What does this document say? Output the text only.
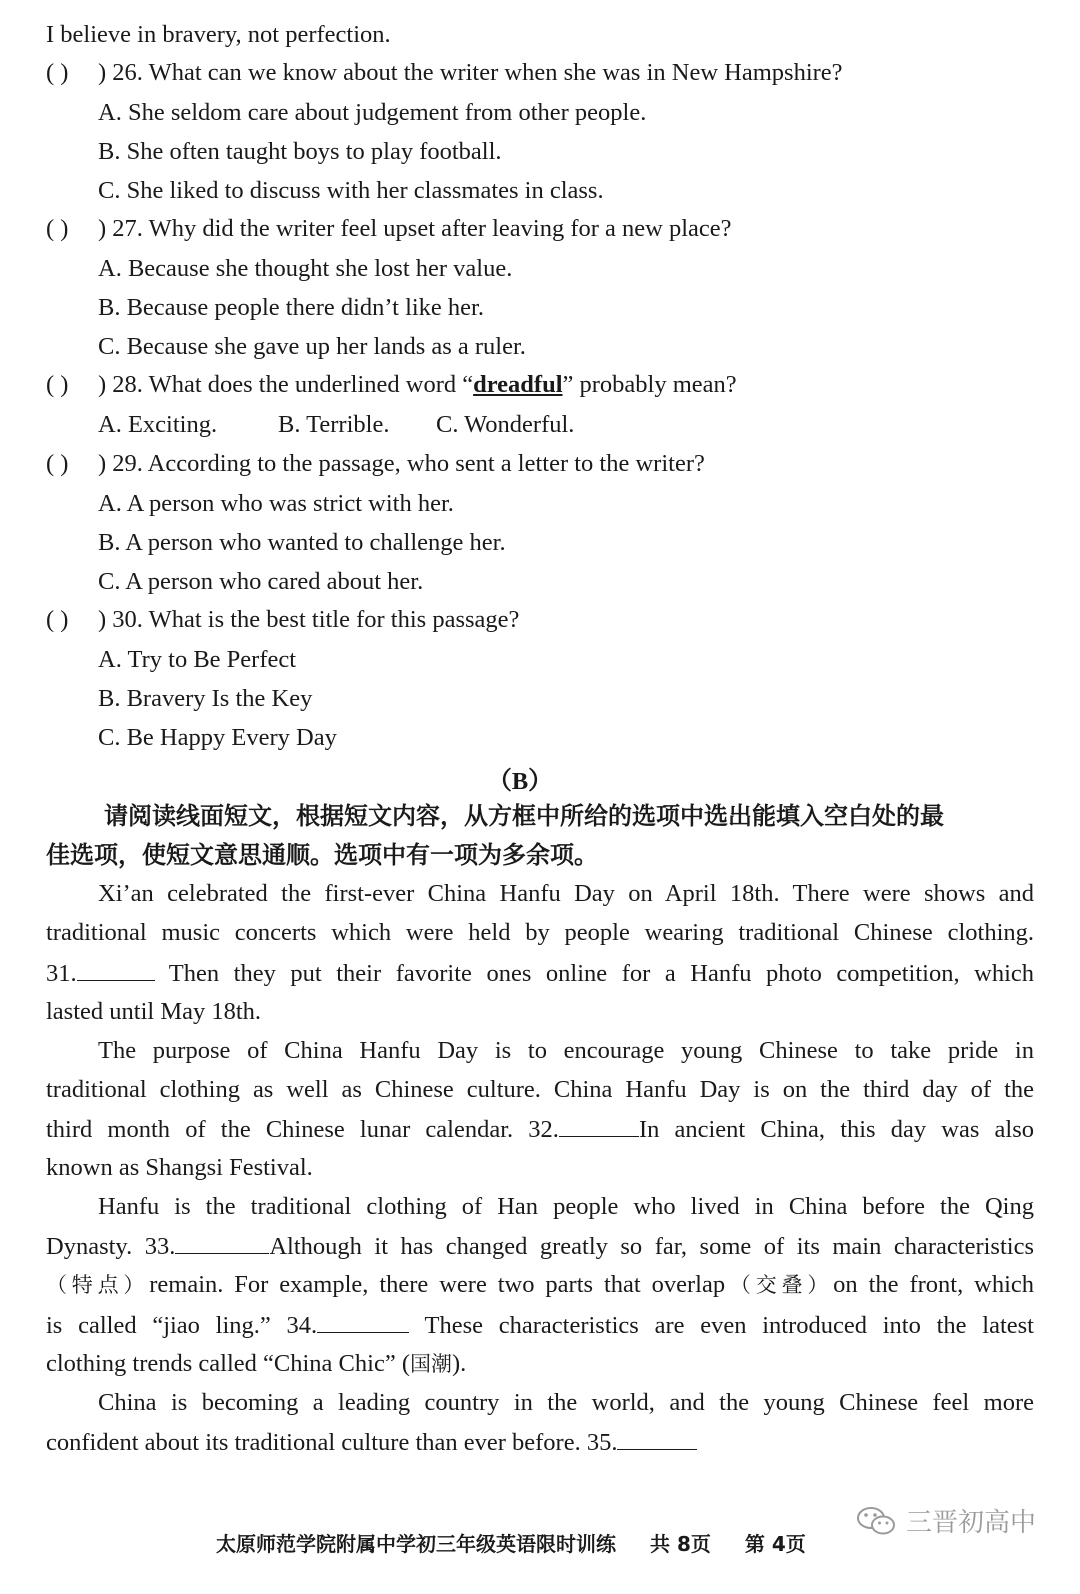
I believe in bravery, not perfection.
( ) ) 26. What can we know about the writer when she was in New Hampshire?
A. She seldom care about judgement from other people.
B. She often taught boys to play football.
C. She liked to discuss with her classmates in class.
( ) ) 27. Why did the writer feel upset after leaving for a new place?
A. Because she thought she lost her value.
B. Because people there didn’t like her.
C. Because she gave up her lands as a ruler.
( ) ) 28. What does the underlined word “dreadful” probably mean?
A. Exciting. B. Terrible. C. Wonderful.
( ) ) 29. According to the passage, who sent a letter to the writer?
A. A person who was strict with her.
B. A person who wanted to challenge her.
C. A person who cared about her.
( ) ) 30. What is the best title for this passage?
A. Try to Be Perfect
B. Bravery Is the Key
C. Be Happy Every Day
（B）
请阅读线面短文，根据短文内容，从方框中所给的选项中选出能填入空白处的最
佳选项，使短文意思通顺。选项中有一项为多余项。
Xi’an celebrated the first-ever China Hanfu Day on April 18th. There were shows and
traditional music concerts which were held by people wearing traditional Chinese clothing.
31.	Then they put their favorite ones online for a Hanfu photo competition, which
lasted until May 18th.
The purpose of China Hanfu Day is to encourage young Chinese to take pride in
traditional clothing as well as Chinese culture. China Hanfu Day is on the third day of the
third month of the Chinese lunar calendar. 32.	In ancient China, this day was also
known as Shangsi Festival.
Hanfu is the traditional clothing of Han people who lived in China before the Qing
Dynasty. 33.	Although it has changed greatly so far, some of its main characteristics
（特点）remain. For example, there were two parts that overlap（交叠）on the front, which
is called “jiao ling.” 34.	These characteristics are even introduced into the latest
clothing trends called “China Chic” (国潮).
China is becoming a leading country in the world, and the young Chinese feel more
confident about its traditional culture than ever before. 35.
太原师范学院附属中学初三年级英语限时训练 共 8页 第 4页
三晋初高中
